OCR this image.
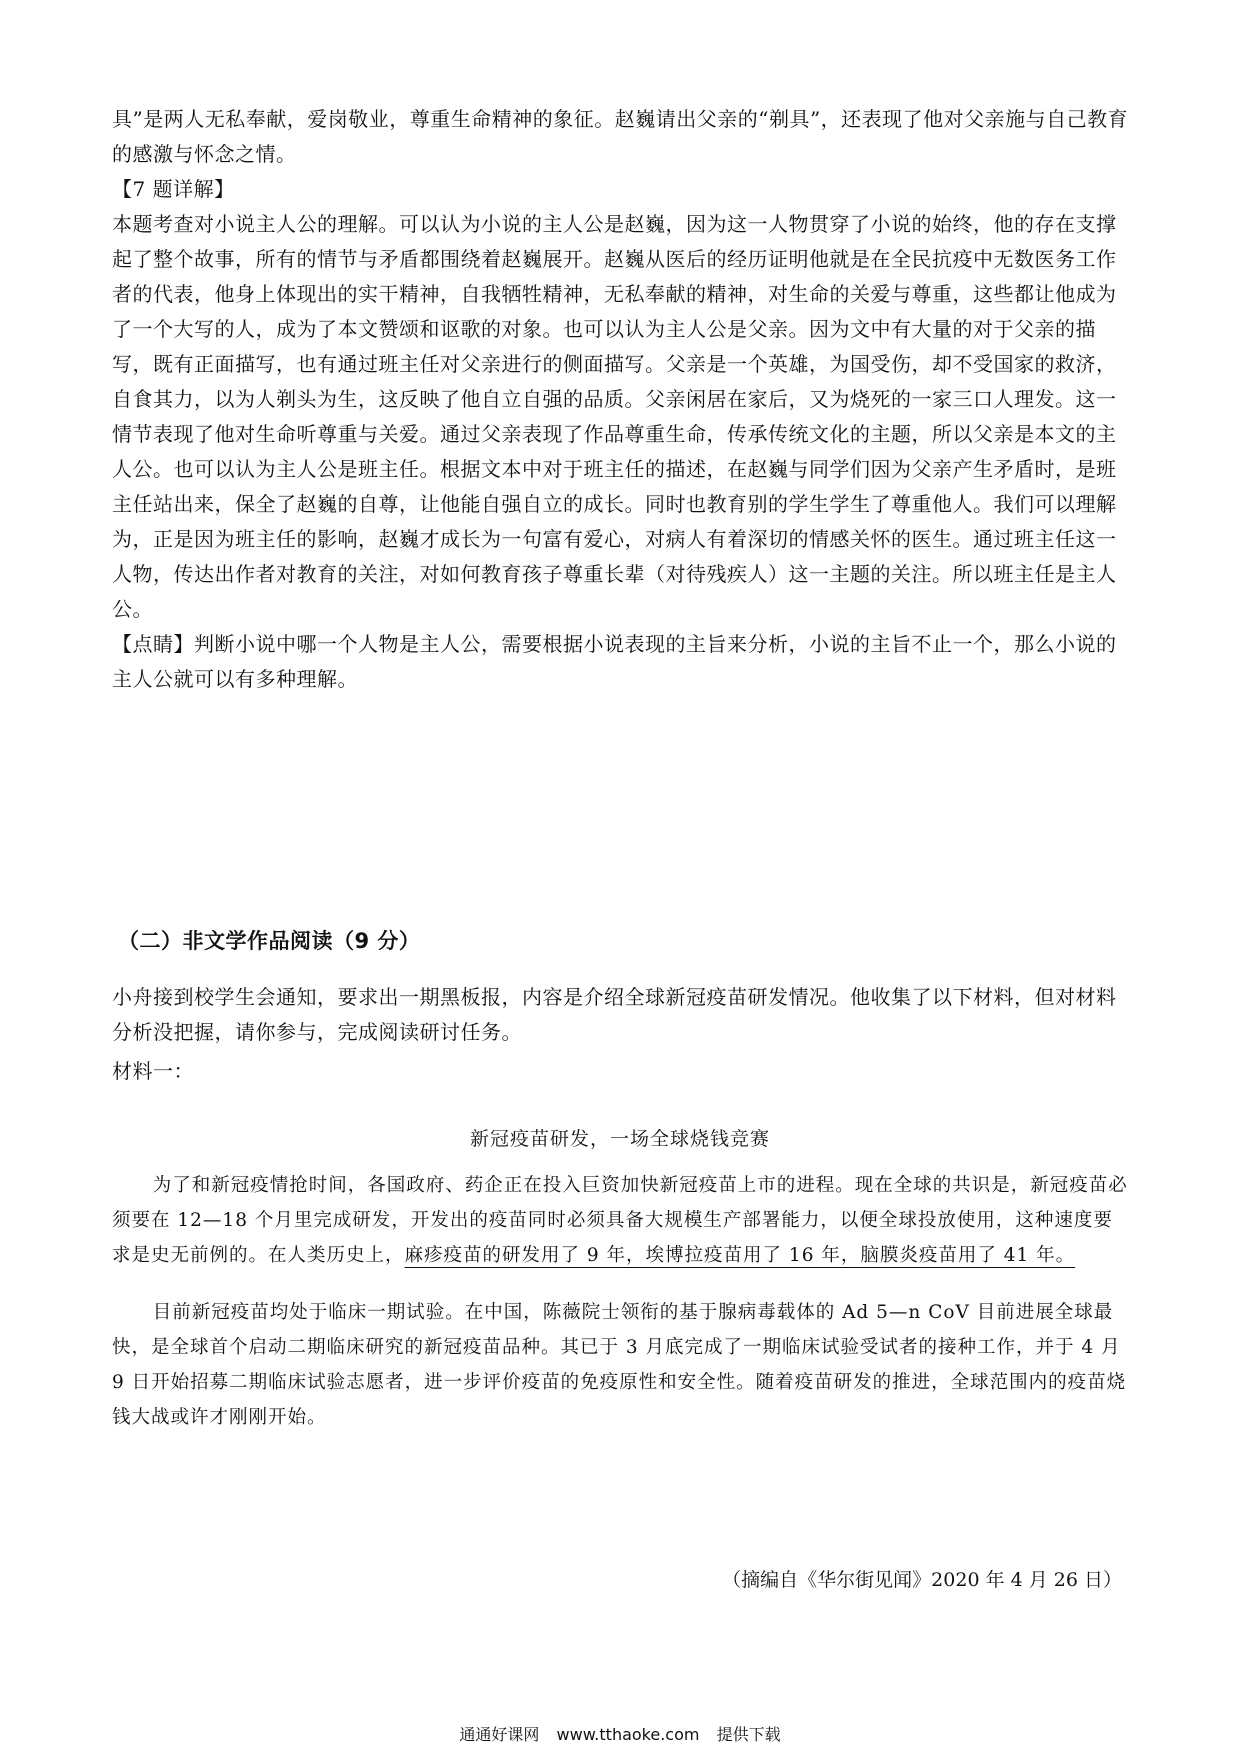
具”是两人无私奉献，爱岗敬业，尊重生命精神的象征。赵巍请出父亲的“剃具”，还表现了他对父亲施与自己教育的感激与怀念之情。

【7 题详解】

本题考查对小说主人公的理解。可以认为小说的主人公是赵巍，因为这一人物贯穿了小说的始终，他的存在支撑起了整个故事，所有的情节与矛盾都围绕着赵巍展开。赵巍从医后的经历证明他就是在全民抗疫中无数医务工作者的代表，他身上体现出的实干精神，自我牺牲精神，无私奉献的精神，对生命的关爱与尊重，这些都让他成为了一个大写的人，成为了本文赞颂和讴歌的对象。也可以认为主人公是父亲。因为文中有大量的对于父亲的描写，既有正面描写，也有通过班主任对父亲进行的侧面描写。父亲是一个英雄，为国受伤，却不受国家的救济，自食其力，以为人剃头为生，这反映了他自立自强的品质。父亲闲居在家后，又为烧死的一家三口人理发。这一情节表现了他对生命听尊重与关爱。通过父亲表现了作品尊重生命，传承传统文化的主题，所以父亲是本文的主人公。也可以认为主人公是班主任。根据文本中对于班主任的描述，在赵巍与同学们因为父亲产生矛盾时，是班主任站出来，保全了赵巍的自尊，让他能自强自立的成长。同时也教育别的学生学生了尊重他人。我们可以理解为，正是因为班主任的影响，赵巍才成长为一句富有爱心，对病人有着深切的情感关怀的医生。通过班主任这一人物，传达出作者对教育的关注，对如何教育孩子尊重长辈（对待残疾人）这一主题的关注。所以班主任是主人公。

【点睛】判断小说中哪一个人物是主人公，需要根据小说表现的主旨来分析，小说的主旨不止一个，那么小说的主人公就可以有多种理解。

（二）非文学作品阅读（9 分）

小舟接到校学生会通知，要求出一期黑板报，内容是介绍全球新冠疫苗研发情况。他收集了以下材料，但对材料分析没把握，请你参与，完成阅读研讨任务。

材料一：

新冠疫苗研发，一场全球烧钱竞赛

为了和新冠疫情抢时间，各国政府、药企正在投入巨资加快新冠疫苗上市的进程。现在全球的共识是，新冠疫苗必须要在 12—18 个月里完成研发，开发出的疫苗同时必须具备大规模生产部署能力，以便全球投放使用，这种速度要求是史无前例的。在人类历史上，麻疹疫苗的研发用了 9 年，埃博拉疫苗用了 16 年，脑膜炎疫苗用了 41 年。

目前新冠疫苗均处于临床一期试验。在中国，陈薇院士领衔的基于腺病毒载体的 Ad 5—n CoV 目前进展全球最快，是全球首个启动二期临床研究的新冠疫苗品种。其已于 3 月底完成了一期临床试验受试者的接种工作，并于 4 月 9 日开始招募二期临床试验志愿者，进一步评价疫苗的免疫原性和安全性。随着疫苗研发的推进，全球范围内的疫苗烧钱大战或许才刚刚开始。

（摘编自《华尔街见闻》2020 年 4 月 26 日）
通通好课网 www.tthaoke.com 提供下载
